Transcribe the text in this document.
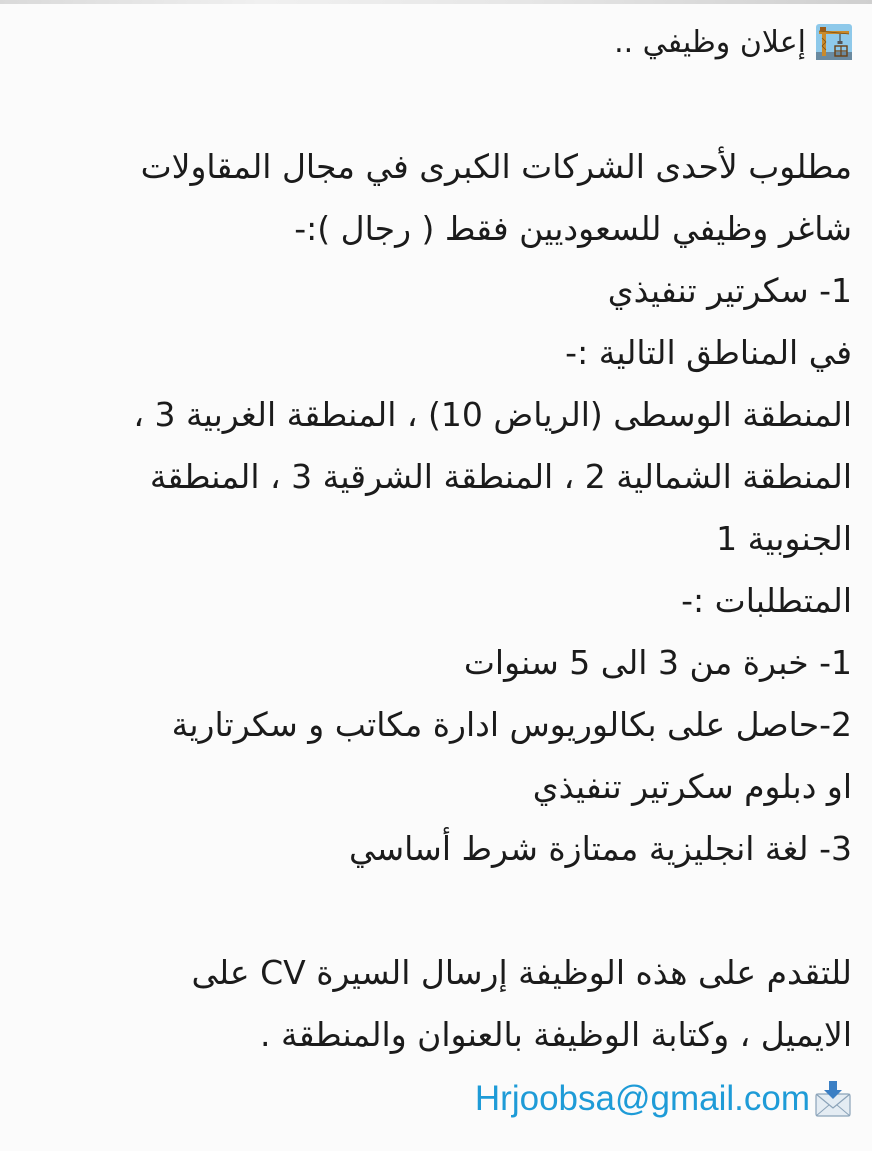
إعلان وظيفي ..
مطلوب لأحدى الشركات الكبرى في مجال المقاولات
شاغر وظيفي للسعوديين فقط ( رجال ):-
1- سكرتير تنفيذي
في المناطق التالية :-
المنطقة الوسطى (الرياض 10) ، المنطقة الغربية 3 ،
المنطقة الشمالية 2 ، المنطقة الشرقية 3 ، المنطقة
الجنوبية 1
المتطلبات :-
1- خبرة من 3 الى 5 سنوات
2-حاصل على بكالوريوس ادارة مكاتب و سكرتارية
او دبلوم سكرتير تنفيذي
3- لغة انجليزية ممتازة شرط أساسي
للتقدم على هذه الوظيفة إرسال السيرة CV على
الايميل ، وكتابة الوظيفة بالعنوان والمنطقة .
Hrjoobsa@gmail.com
